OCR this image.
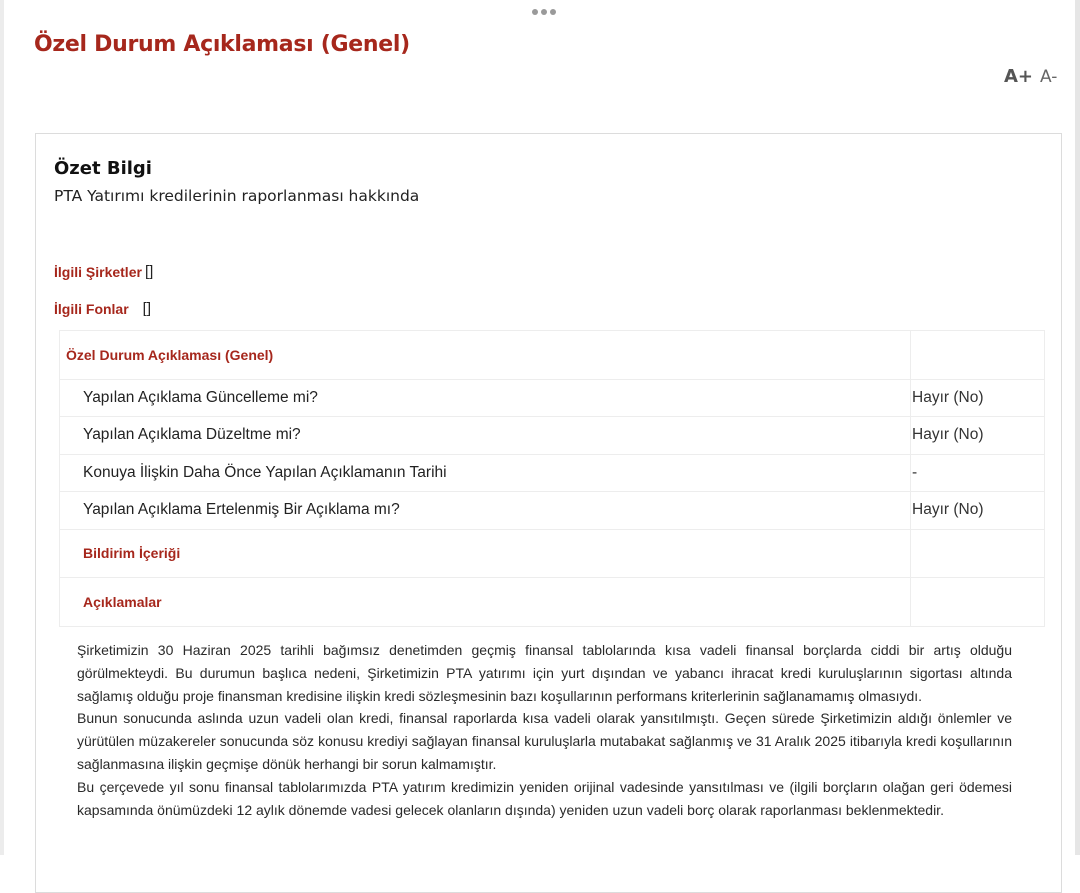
Özel Durum Açıklaması (Genel)
A+ A-
Özet Bilgi
PTA Yatırımı kredilerinin raporlanması hakkında
İlgili Şirketler []
İlgili Fonlar []
Özel Durum Açıklaması (Genel)	
Yapılan Açıklama Güncelleme mi?	Hayır (No)
Yapılan Açıklama Düzeltme mi?	Hayır (No)
Konuya İlişkin Daha Önce Yapılan Açıklamanın Tarihi	-
Yapılan Açıklama Ertelenmiş Bir Açıklama mı?	Hayır (No)
Bildirim İçeriği	
Açıklamalar	

Şirketimizin 30 Haziran 2025 tarihli bağımsız denetimden geçmiş finansal tablolarında kısa vadeli finansal borçlarda ciddi bir artış olduğu görülmekteydi. Bu durumun başlıca nedeni, Şirketimizin PTA yatırımı için yurt dışından ve yabancı ihracat kredi kuruluşlarının sigortası altında sağlamış olduğu proje finansman kredisine ilişkin kredi sözleşmesinin bazı koşullarının performans kriterlerinin sağlanamamış olmasıydı.

Bunun sonucunda aslında uzun vadeli olan kredi, finansal raporlarda kısa vadeli olarak yansıtılmıştı. Geçen sürede Şirketimizin aldığı önlemler ve yürütülen müzakereler sonucunda söz konusu krediyi sağlayan finansal kuruluşlarla mutabakat sağlanmış ve 31 Aralık 2025 itibarıyla kredi koşullarının sağlanmasına ilişkin geçmişe dönük herhangi bir sorun kalmamıştır.

Bu çerçevede yıl sonu finansal tablolarımızda PTA yatırım kredimizin yeniden orijinal vadesinde yansıtılması ve (ilgili borçların olağan geri ödemesi kapsamında önümüzdeki 12 aylık dönemde vadesi gelecek olanların dışında) yeniden uzun vadeli borç olarak raporlanması beklenmektedir.
